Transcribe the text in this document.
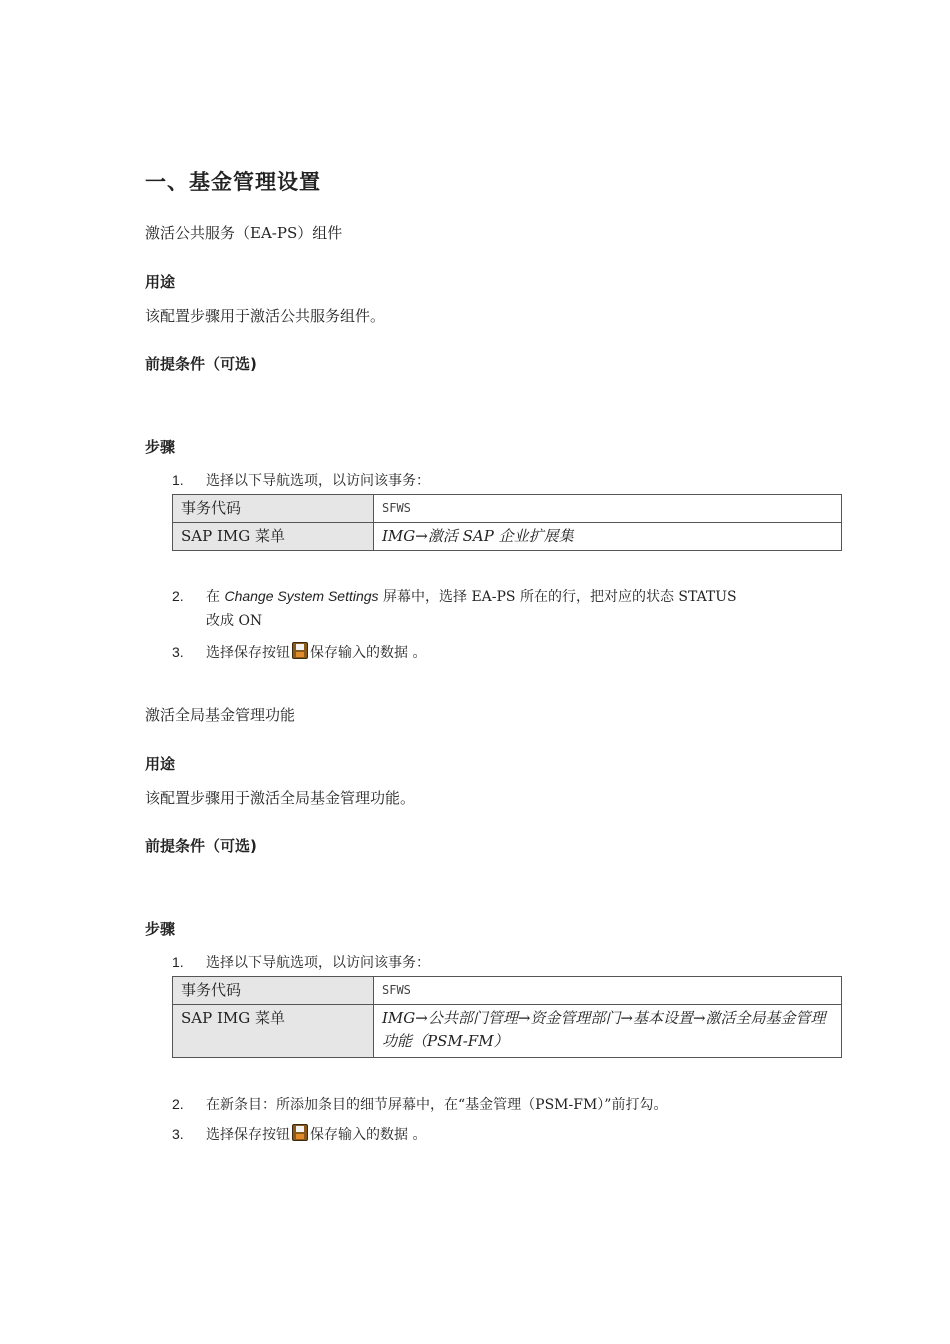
一、基金管理设置
激活公共服务（EA-PS）组件
用途
该配置步骤用于激活公共服务组件。
前提条件（可选)
步骤
1. 选择以下导航选项，以访问该事务：
事务代码	SFWS
SAP IMG 菜单	IMG→激活 SAP 企业扩展集
2. 在 Change System Settings 屏幕中，选择 EA-PS 所在的行，把对应的状态 STATUS
改成 ON
3. 选择保存按钮 保存输入的数据 。
激活全局基金管理功能
用途
该配置步骤用于激活全局基金管理功能。
前提条件（可选)
步骤
1. 选择以下导航选项，以访问该事务：
事务代码	SFWS
SAP IMG 菜单	IMG→公共部门管理→资金管理部门→基本设置→激活全局基金管理功能（PSM-FM）
2. 在新条目：所添加条目的细节屏幕中，在“基金管理（PSM-FM）”前打勾。
3. 选择保存按钮 保存输入的数据 。
